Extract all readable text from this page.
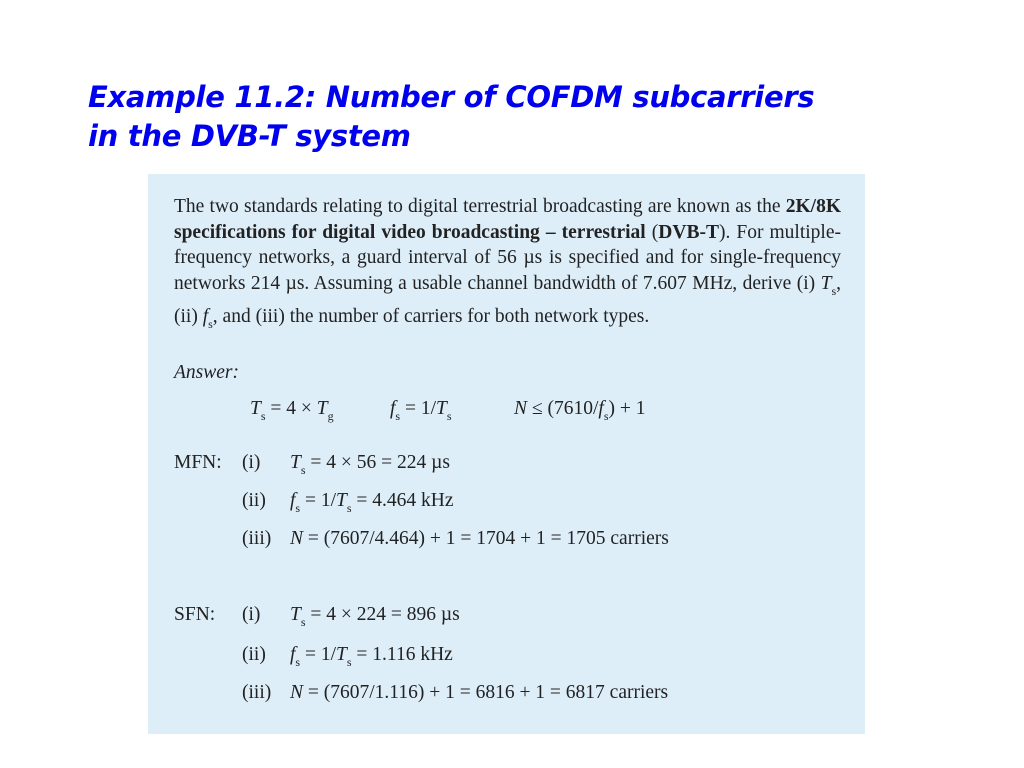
Example 11.2: Number of COFDM subcarriers
in the DVB-T system

The two standards relating to digital terrestrial broadcasting are known as the 2K/8K specifications for digital video broadcasting – terrestrial (DVB-T). For multiple-frequency networks, a guard interval of 56 µs is specified and for single-frequency networks 214 µs. Assuming a usable channel bandwidth of 7.607 MHz, derive (i) $T_s$, (ii) $f_s$, and (iii) the number of carriers for both network types.

Answer:
$T_s = 4 \times T_g$	$f_s = 1/T_s$	$N \le (7610/f_s) + 1$
MFN: (i) $T_s = 4 \times 56 = 224$ µs
(ii) $f_s = 1/T_s = 4.464$ kHz
(iii) N = (7607/4.464) + 1 = 1704 + 1 = 1705 carriers
SFN: (i) $T_s = 4 \times 224 = 896$ µs
(ii) $f_s = 1/T_s = 1.116$ kHz
(iii) N = (7607/1.116) + 1 = 6816 + 1 = 6817 carriers
